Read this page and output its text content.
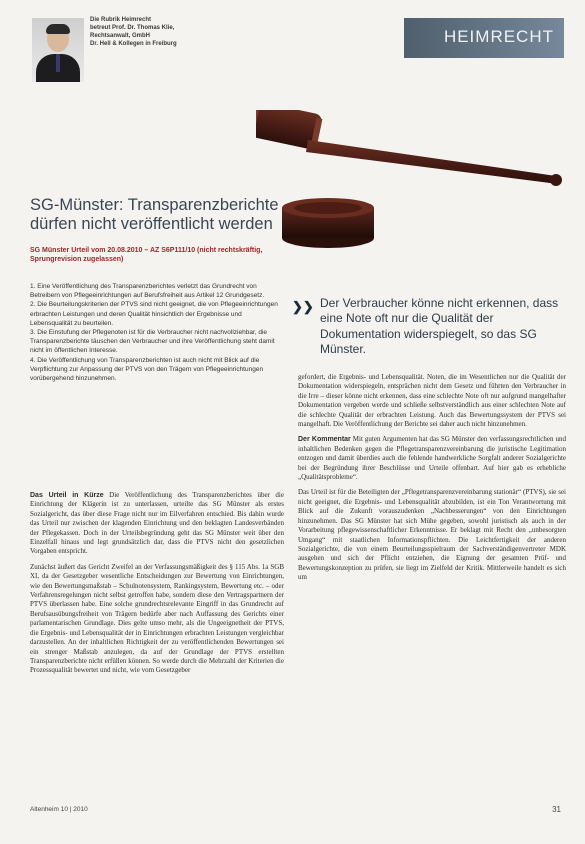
Die Rubrik Heimrecht
betreut Prof. Dr. Thomas Klie,
Rechtsanwalt, GmbH
Dr. Hell & Kollegen in Freiburg	HEIMRECHT
SG-Münster: Transparenzberichte dürfen nicht veröffentlicht werden
SG Münster Urteil vom 20.08.2010 – AZ S6P111/10 (nicht rechtskräftig, Sprungrevision zugelassen)

1. Eine Veröffentlichung des Transparenzberichtes verletzt das Grundrecht von Betreibern von Pflegeeinrichtungen auf Berufsfreiheit aus Artikel 12 Grundgesetz.

2. Die Beurteilungskriterien der PTVS sind nicht geeignet, die von Pflegeeinrichtungen erbrachten Leistungen und deren Qualität hinsichtlich der Ergebnisse und Lebensqualität zu beurteilen.

3. Die Einstufung der Pflegenoten ist für die Verbraucher nicht nachvollziehbar, die Transparenzberichte täuschen den Verbraucher und ihre Veröffentlichung steht damit nicht im öffentlichen Interesse.

4. Die Veröffentlichung von Transparenzberichten ist auch nicht mit Blick auf die Verpflichtung zur Anpassung der PTVS von den Trägern von Pflegeeinrichtungen vorübergehend hinzunehmen.

❯❯ Der Verbraucher könne nicht erkennen, dass eine Note oft nur die Qualität der Dokumentation widerspiegelt, so das SG Münster.

Das Urteil in Kürze Die Veröffentlichung des Transparenzberichtes über die Einrichtung der Klägerin ist zu unterlassen, urteilte das SG Münster als erstes Sozialgericht, das über diese Frage nicht nur im Eilverfahren entschied. Bis dahin wurde das Urteil nur zwischen der klagenden Einrichtung und den beklagten Landesverbänden der Pflegekassen. Doch in der Urteilsbegründung geht das SG Münster weit über den Einzelfall hinaus und legt grundsätzlich dar, dass die PTVS nicht den gesetzlichen Vorgaben entspricht.

Zunächst äußert das Gericht Zweifel an der Verfassungsmäßigkeit des § 115 Abs. 1a SGB XI, da der Gesetzgeber wesentliche Entscheidungen zur Bewertung von Einrichtungen, wie den Bewertungsmaßstab – Schulnotensystem, Rankingsystem, Bewertung etc. – oder Verfahrensregelungen nicht selbst getroffen habe, sondern diese den Vertragspartnern der PTVS überlassen habe. Eine solche grundrechtsrelevante Eingriff in das Grundrecht auf Berufsausübungsfreiheit von Trägern bedürfe aber nach Auffassung des Gerichts einer parlamentarischen Grundlage. Dies gelte umso mehr, als die Ungeeignetheit der PTVS, die Ergebnis- und Lebensqualität der in Einrichtungen erbrachten Leistungen vergleichbar darzustellen. An der inhaltlichen Richtigkeit der zu veröffentlichenden Bewertungen sei ein strenger Maßstab anzulegen, da auf der Grundlage der PTVS erstellten Transparenzberichte nicht erfüllen können. So werde durch die Mehrzahl der Kriterien die Prozessqualität bewertet und nicht, wie vom Gesetzgeber

gefordert, die Ergebnis- und Lebensqualität. Noten, die im Wesentlichen nur die Qualität der Dokumentation widerspiegeln, entsprächen nicht dem Gesetz und führten den Verbraucher in die Irre – dieser könne nicht erkennen, dass eine schlechte Note oft nur aufgrund mangelhafter Dokumentation vergeben werde und schließe selbstverständlich aus einer schlechten Note auf die schlechte Qualität der erbrachten Leistung. Auch das Bewertungssystem der PTVS sei mangelhaft. Die Veröffentlichung der Berichte sei daher auch nicht hinzunehmen.

Der Kommentar Mit guten Argumenten hat das SG Münster den verfassungsrechtlichen und inhaltlichen Bedenken gegen die Pflegetransparenzvereinbarung die juristische Legitimation entzogen und damit überdies auch die fehlende handwerkliche Sorgfalt anderer Sozialgerichte bei der Begründung ihrer Beschlüsse und Urteile offenbart. Auf hier gab es erhebliche „Qualitätsprobleme“.

Das Urteil ist für die Beteiligten der „Pflegetransparenzvereinbarung stationär“ (PTVS), sie sei nicht geeignet, die Ergebnis- und Lebensqualität abzubilden, ist ein Ton Verantwortung mit Blick auf die Zukunft vorauszudenken „Nachbesserungen“ von den Einrichtungen hinzunehmen. Das SG Münster hat sich Mühe gegeben, sowohl juristisch als auch in der Vorarbeitung pflegewissenschaftlicher Erkenntnisse. Er beklagt mit Recht den „unbesorgten Umgang“ mit staatlichen Informationspflichten. Die Leichtfertigkeit der anderen Sozialgerichte, die von einem Beurteilungsspielraum der Sachverständigenvertreter MDK ausgehen und sich der Pflicht entziehen, die Eignung der gesamten Prüf- und Bewertungskonzeption zu prüfen, sie liegt im Zielfeld der Kritik. Mittlerweile handelt es sich um

Altenheim 10 | 2010	31
